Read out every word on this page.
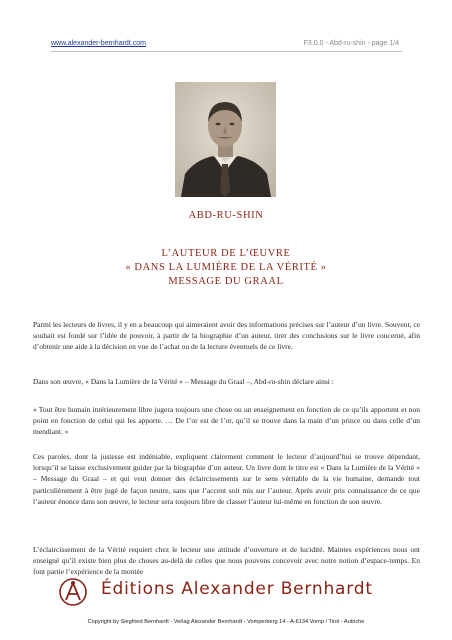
www.alexander-bernhardt.com	F3.0.0 - Abd-ru-shin - page 1/4
ABD-RU-SHIN
L’AUTEUR DE L’ŒUVRE
« DANS LA LUMIÈRE DE LA VÉRITÉ »
MESSAGE DU GRAAL

Parmi les lecteurs de livres, il y en a beaucoup qui aimeraient avoir des informations précises sur l’auteur d’un livre. Souvent, ce souhait est fondé sur l’idée de pouvoir, à partir de la biographie d’un auteur, tirer des conclusions sur le livre concerné, afin d’obtenir une aide à la décision en vue de l’achat ou de la lecture éventuels de ce livre.

Dans son œuvre, « Dans la Lumière de la Vérité » – Message du Graal –, Abd-ru-shin déclare ainsi :

« Tout être humain intérieurement libre jugera toujours une chose ou un enseignement en fonction de ce qu’ils apportent et non point en fonction de celui qui les apporte. … De l’or est de l’or, qu’il se trouve dans la main d’un prince ou dans celle d’un mendiant. »

Ces paroles, dont la justesse est indéniable, expliquent clairement comment le lecteur d’aujourd’hui se trouve dépendant, lorsqu’il se laisse exclusivement guider par la biographie d’un auteur. Un livre dont le titre est « Dans la Lumière de la Vérité » – Message du Graal – et qui veut donner des éclaircissements sur le sens véritable de la vie humaine, demande tout particulièrement à être jugé de façon neutre, sans que l’accent soit mis sur l’auteur. Après avoir pris connaissance de ce que l’auteur énonce dans son œuvre, le lecteur sera toujours libre de classer l’auteur lui-même en fonction de son œuvre.

L’éclaircissement de la Vérité requiert chez le lecteur une attitude d’ouverture et de lucidité. Maintes expériences nous ont enseigné qu’il existe bien plus de choses au-delà de celles que nous pouvons concevoir avec notre notion d’espace-temps. En font partie l’expérience de la montée

Éditions Alexander Bernhardt
Copyright by Siegfried Bernhardt - Verlag Alexander Bernhardt - Vomperberg 14 - A-6134 Vomp / Tirol - Autriche
